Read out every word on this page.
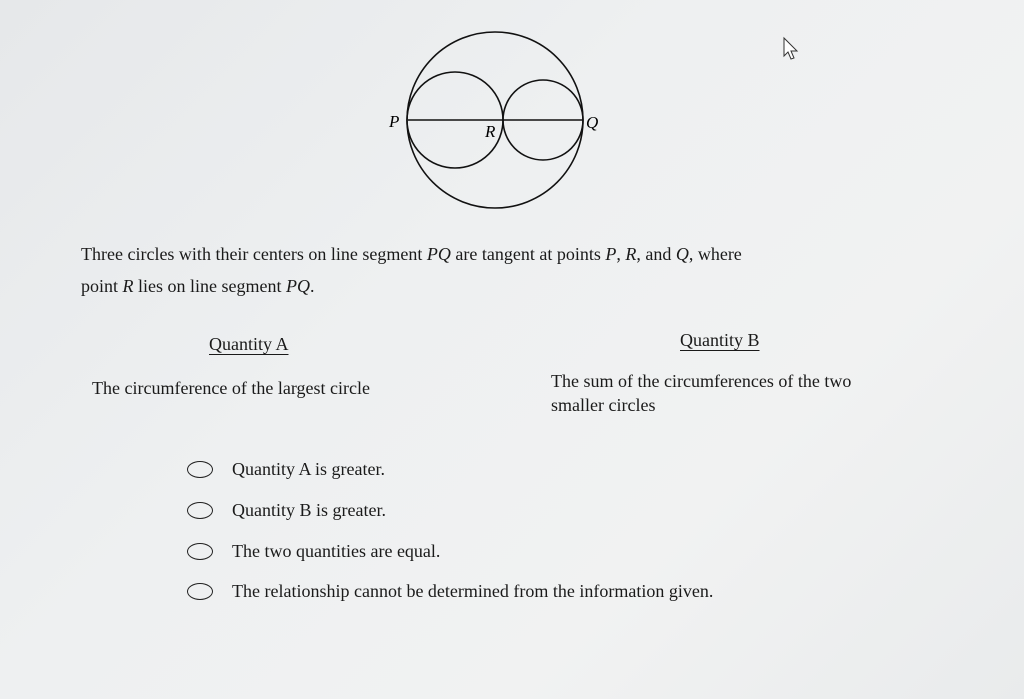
P	Q
R
Three circles with their centers on line segment PQ are tangent at points P, R, and Q, where
point R lies on line segment PQ.
Quantity A	Quantity B
The circumference of the largest circle	The sum of the circumferences of the two
smaller circles
Quantity A is greater.
Quantity B is greater.
The two quantities are equal.
The relationship cannot be determined from the information given.
